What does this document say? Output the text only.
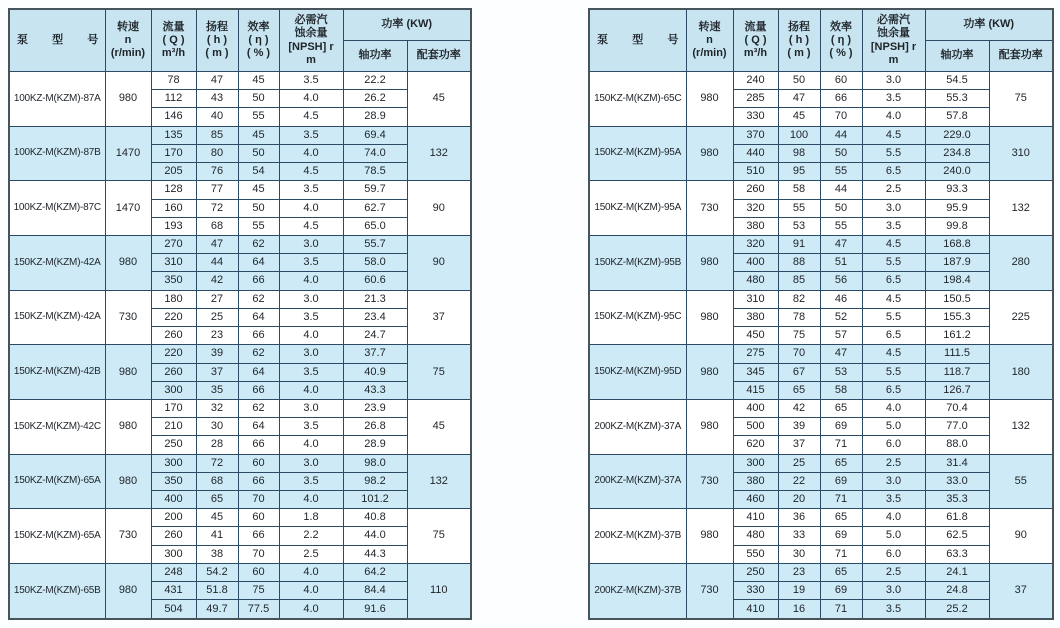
泵  型  号	转速
n
(r/min)	流量
( Q )
m³/h	扬程
( h )
( m )	效率
( η )
( % )	必需汽
蚀余量
[NPSH] r
m	功率 (KW)	
						轴功率	配套功率
100KZ-M(KZM)-87A	980	78	47	45	3.5	22.2	45
		112	43	50	4.0	26.2	
		146	40	55	4.5	28.9	
100KZ-M(KZM)-87B	1470	135	85	45	3.5	69.4	132
		170	80	50	4.0	74.0	
		205	76	54	4.5	78.5	
100KZ-M(KZM)-87C	1470	128	77	45	3.5	59.7	90
		160	72	50	4.0	62.7	
		193	68	55	4.5	65.0	
150KZ-M(KZM)-42A	980	270	47	62	3.0	55.7	90
		310	44	64	3.5	58.0	
		350	42	66	4.0	60.6	
150KZ-M(KZM)-42A	730	180	27	62	3.0	21.3	37
		220	25	64	3.5	23.4	
		260	23	66	4.0	24.7	
150KZ-M(KZM)-42B	980	220	39	62	3.0	37.7	75
		260	37	64	3.5	40.9	
		300	35	66	4.0	43.3	
150KZ-M(KZM)-42C	980	170	32	62	3.0	23.9	45
		210	30	64	3.5	26.8	
		250	28	66	4.0	28.9	
150KZ-M(KZM)-65A	980	300	72	60	3.0	98.0	132
		350	68	66	3.5	98.2	
		400	65	70	4.0	101.2	
150KZ-M(KZM)-65A	730	200	45	60	1.8	40.8	75
		260	41	66	2.2	44.0	
		300	38	70	2.5	44.3	
150KZ-M(KZM)-65B	980	248	54.2	60	4.0	64.2	110
		431	51.8	75	4.0	84.4	
		504	49.7	77.5	4.0	91.6	
泵  型  号	转速
n
(r/min)	流量
( Q )
m³/h	扬程
( h )
( m )	效率
( η )
( % )	必需汽
蚀余量
[NPSH] r
m	功率 (KW)	
						轴功率	配套功率
150KZ-M(KZM)-65C	980	240	50	60	3.0	54.5	75
		285	47	66	3.5	55.3	
		330	45	70	4.0	57.8	
150KZ-M(KZM)-95A	980	370	100	44	4.5	229.0	310
		440	98	50	5.5	234.8	
		510	95	55	6.5	240.0	
150KZ-M(KZM)-95A	730	260	58	44	2.5	93.3	132
		320	55	50	3.0	95.9	
		380	53	55	3.5	99.8	
150KZ-M(KZM)-95B	980	320	91	47	4.5	168.8	280
		400	88	51	5.5	187.9	
		480	85	56	6.5	198.4	
150KZ-M(KZM)-95C	980	310	82	46	4.5	150.5	225
		380	78	52	5.5	155.3	
		450	75	57	6.5	161.2	
150KZ-M(KZM)-95D	980	275	70	47	4.5	111.5	180
		345	67	53	5.5	118.7	
		415	65	58	6.5	126.7	
200KZ-M(KZM)-37A	980	400	42	65	4.0	70.4	132
		500	39	69	5.0	77.0	
		620	37	71	6.0	88.0	
200KZ-M(KZM)-37A	730	300	25	65	2.5	31.4	55
		380	22	69	3.0	33.0	
		460	20	71	3.5	35.3	
200KZ-M(KZM)-37B	980	410	36	65	4.0	61.8	90
		480	33	69	5.0	62.5	
		550	30	71	6.0	63.3	
200KZ-M(KZM)-37B	730	250	23	65	2.5	24.1	37
		330	19	69	3.0	24.8	
		410	16	71	3.5	25.2	
